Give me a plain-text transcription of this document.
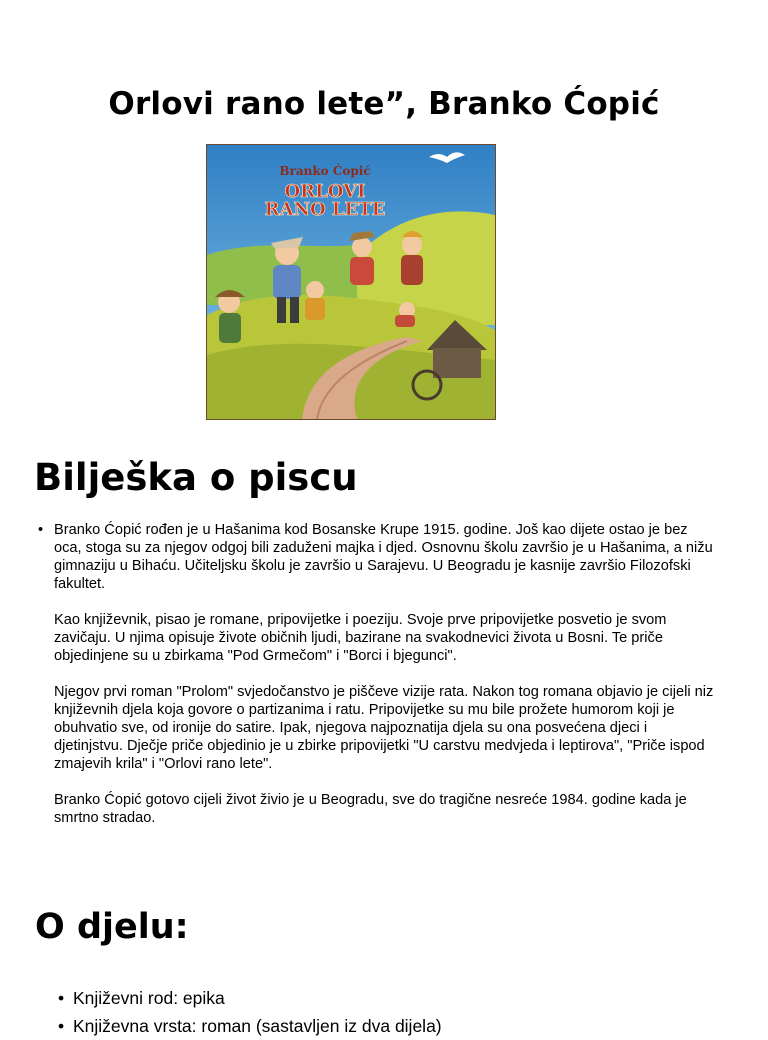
Orlovi rano lete”, Branko Ćopić
Branko Ćopić
ORLOVI
RANO LETE
Bilješka o piscu
• Branko Ćopić rođen je u Hašanima kod Bosanske Krupe 1915. godine. Još kao dijete ostao je bez oca, stoga su za njegov odgoj bili zaduženi majka i djed. Osnovnu školu završio je u Hašanima, a nižu gimnaziju u Bihaću. Učiteljsku školu je završio u Sarajevu. U Beogradu je kasnije završio Filozofski fakultet.

Kao književnik, pisao je romane, pripovijetke i poeziju. Svoje prve pripovijetke posvetio je svom zavičaju. U njima opisuje živote običnih ljudi, bazirane na svakodnevici života u Bosni. Te priče objedinjene su u zbirkama "Pod Grmečom" i "Borci i bjegunci".

Njegov prvi roman "Prolom" svjedočanstvo je piščeve vizije rata. Nakon tog romana objavio je cijeli niz književnih djela koja govore o partizanima i ratu. Pripovijetke su mu bile prožete humorom koji je obuhvatio sve, od ironije do satire. Ipak, njegova najpoznatija djela su ona posvećena djeci i djetinjstvu. Dječje priče objedinio je u zbirke pripovijetki "U carstvu medvjeda i leptirova", "Priče ispod zmajevih krila" i "Orlovi rano lete".

Branko Ćopić gotovo cijeli život živio je u Beogradu, sve do tragične nesreće 1984. godine kada je smrtno stradao.

O djelu:
• Književni rod: epika
• Književna vrsta: roman (sastavljen iz dva dijela)
